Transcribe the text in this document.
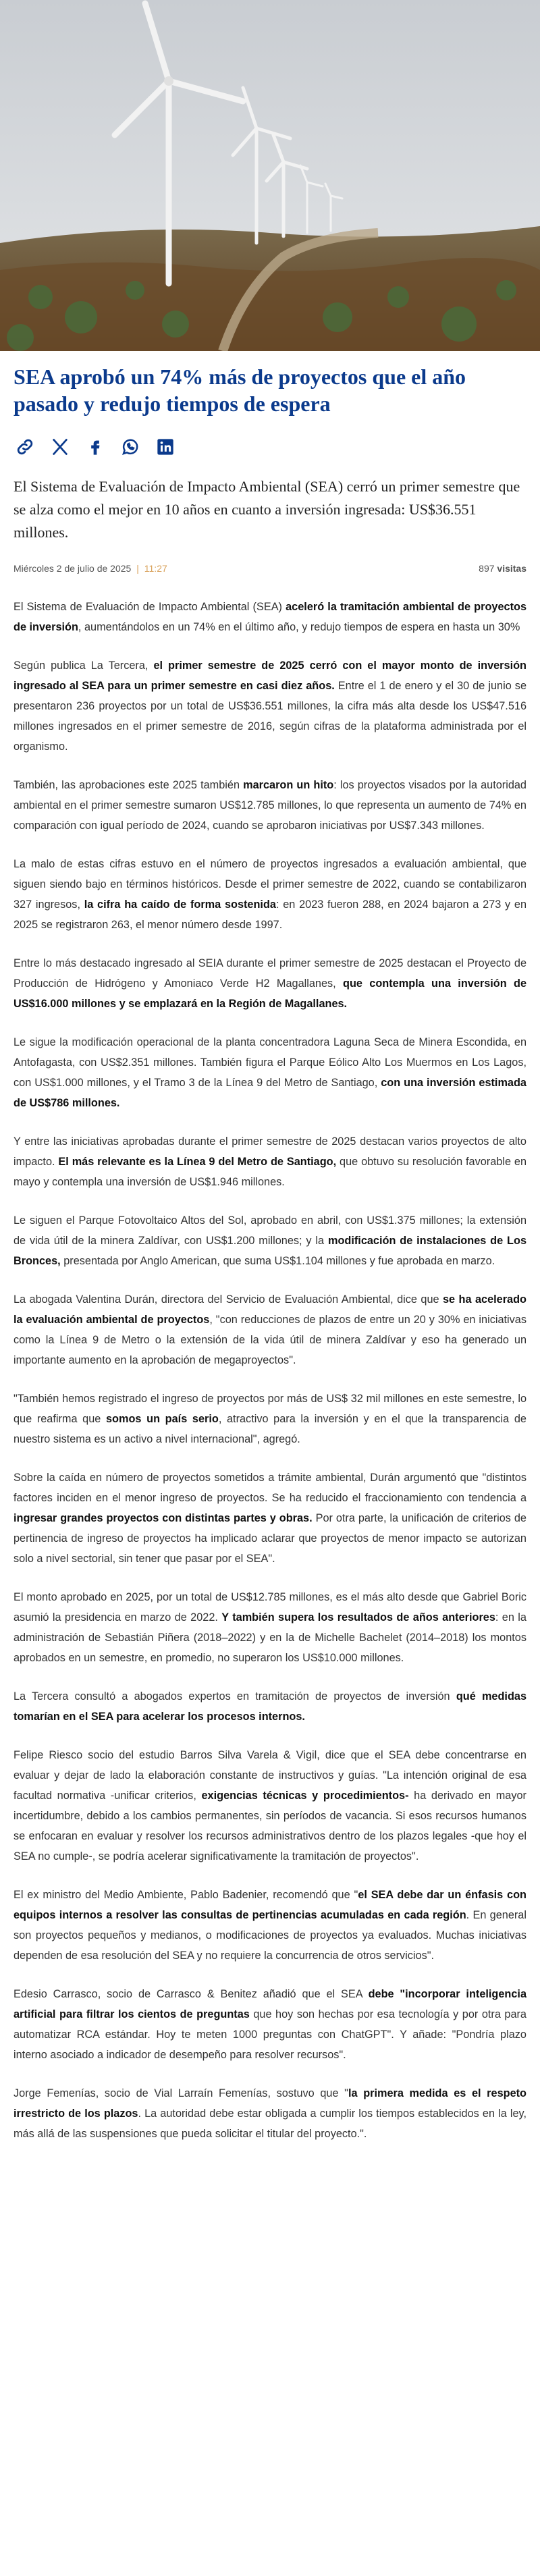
SEA aprobó un 74% más de proyectos que el año pasado y redujo tiempos de espera

El Sistema de Evaluación de Impacto Ambiental (SEA) cerró un primer semestre que se alza como el mejor en 10 años en cuanto a inversión ingresada: US$36.551 millones.

Miércoles 2 de julio de 2025 | 11:27	897 visitas

El Sistema de Evaluación de Impacto Ambiental (SEA) aceleró la tramitación ambiental de proyectos de inversión, aumentándolos en un 74% en el último año, y redujo tiempos de espera en hasta un 30%

Según publica La Tercera, el primer semestre de 2025 cerró con el mayor monto de inversión ingresado al SEA para un primer semestre en casi diez años. Entre el 1 de enero y el 30 de junio se presentaron 236 proyectos por un total de US$36.551 millones, la cifra más alta desde los US$47.516 millones ingresados en el primer semestre de 2016, según cifras de la plataforma administrada por el organismo.

También, las aprobaciones este 2025 también marcaron un hito: los proyectos visados por la autoridad ambiental en el primer semestre sumaron US$12.785 millones, lo que representa un aumento de 74% en comparación con igual período de 2024, cuando se aprobaron iniciativas por US$7.343 millones.

La malo de estas cifras estuvo en el número de proyectos ingresados a evaluación ambiental, que siguen siendo bajo en términos históricos. Desde el primer semestre de 2022, cuando se contabilizaron 327 ingresos, la cifra ha caído de forma sostenida: en 2023 fueron 288, en 2024 bajaron a 273 y en 2025 se registraron 263, el menor número desde 1997.

Entre lo más destacado ingresado al SEIA durante el primer semestre de 2025 destacan el Proyecto de Producción de Hidrógeno y Amoniaco Verde H2 Magallanes, que contempla una inversión de US$16.000 millones y se emplazará en la Región de Magallanes.

Le sigue la modificación operacional de la planta concentradora Laguna Seca de Minera Escondida, en Antofagasta, con US$2.351 millones. También figura el Parque Eólico Alto Los Muermos en Los Lagos, con US$1.000 millones, y el Tramo 3 de la Línea 9 del Metro de Santiago, con una inversión estimada de US$786 millones.

Y entre las iniciativas aprobadas durante el primer semestre de 2025 destacan varios proyectos de alto impacto. El más relevante es la Línea 9 del Metro de Santiago, que obtuvo su resolución favorable en mayo y contempla una inversión de US$1.946 millones.

Le siguen el Parque Fotovoltaico Altos del Sol, aprobado en abril, con US$1.375 millones; la extensión de vida útil de la minera Zaldívar, con US$1.200 millones; y la modificación de instalaciones de Los Bronces, presentada por Anglo American, que suma US$1.104 millones y fue aprobada en marzo.

La abogada Valentina Durán, directora del Servicio de Evaluación Ambiental, dice que se ha acelerado la evaluación ambiental de proyectos, "con reducciones de plazos de entre un 20 y 30% en iniciativas como la Línea 9 de Metro o la extensión de la vida útil de minera Zaldívar y eso ha generado un importante aumento en la aprobación de megaproyectos".

"También hemos registrado el ingreso de proyectos por más de US$ 32 mil millones en este semestre, lo que reafirma que somos un país serio, atractivo para la inversión y en el que la transparencia de nuestro sistema es un activo a nivel internacional", agregó.

Sobre la caída en número de proyectos sometidos a trámite ambiental, Durán argumentó que "distintos factores inciden en el menor ingreso de proyectos. Se ha reducido el fraccionamiento con tendencia a ingresar grandes proyectos con distintas partes y obras. Por otra parte, la unificación de criterios de pertinencia de ingreso de proyectos ha implicado aclarar que proyectos de menor impacto se autorizan solo a nivel sectorial, sin tener que pasar por el SEA".

El monto aprobado en 2025, por un total de US$12.785 millones, es el más alto desde que Gabriel Boric asumió la presidencia en marzo de 2022. Y también supera los resultados de años anteriores: en la administración de Sebastián Piñera (2018–2022) y en la de Michelle Bachelet (2014–2018) los montos aprobados en un semestre, en promedio, no superaron los US$10.000 millones.

La Tercera consultó a abogados expertos en tramitación de proyectos de inversión qué medidas tomarían en el SEA para acelerar los procesos internos.

Felipe Riesco socio del estudio Barros Silva Varela & Vigil, dice que el SEA debe concentrarse en evaluar y dejar de lado la elaboración constante de instructivos y guías. "La intención original de esa facultad normativa -unificar criterios, exigencias técnicas y procedimientos- ha derivado en mayor incertidumbre, debido a los cambios permanentes, sin períodos de vacancia. Si esos recursos humanos se enfocaran en evaluar y resolver los recursos administrativos dentro de los plazos legales -que hoy el SEA no cumple-, se podría acelerar significativamente la tramitación de proyectos".

El ex ministro del Medio Ambiente, Pablo Badenier, recomendó que "el SEA debe dar un énfasis con equipos internos a resolver las consultas de pertinencias acumuladas en cada región. En general son proyectos pequeños y medianos, o modificaciones de proyectos ya evaluados. Muchas iniciativas dependen de esa resolución del SEA y no requiere la concurrencia de otros servicios".

Edesio Carrasco, socio de Carrasco & Benitez añadió que el SEA debe "incorporar inteligencia artificial para filtrar los cientos de preguntas que hoy son hechas por esa tecnología y por otra para automatizar RCA estándar. Hoy te meten 1000 preguntas con ChatGPT". Y añade: "Pondría plazo interno asociado a indicador de desempeño para resolver recursos".

Jorge Femenías, socio de Vial Larraín Femenías, sostuvo que "la primera medida es el respeto irrestricto de los plazos. La autoridad debe estar obligada a cumplir los tiempos establecidos en la ley, más allá de las suspensiones que pueda solicitar el titular del proyecto.".
